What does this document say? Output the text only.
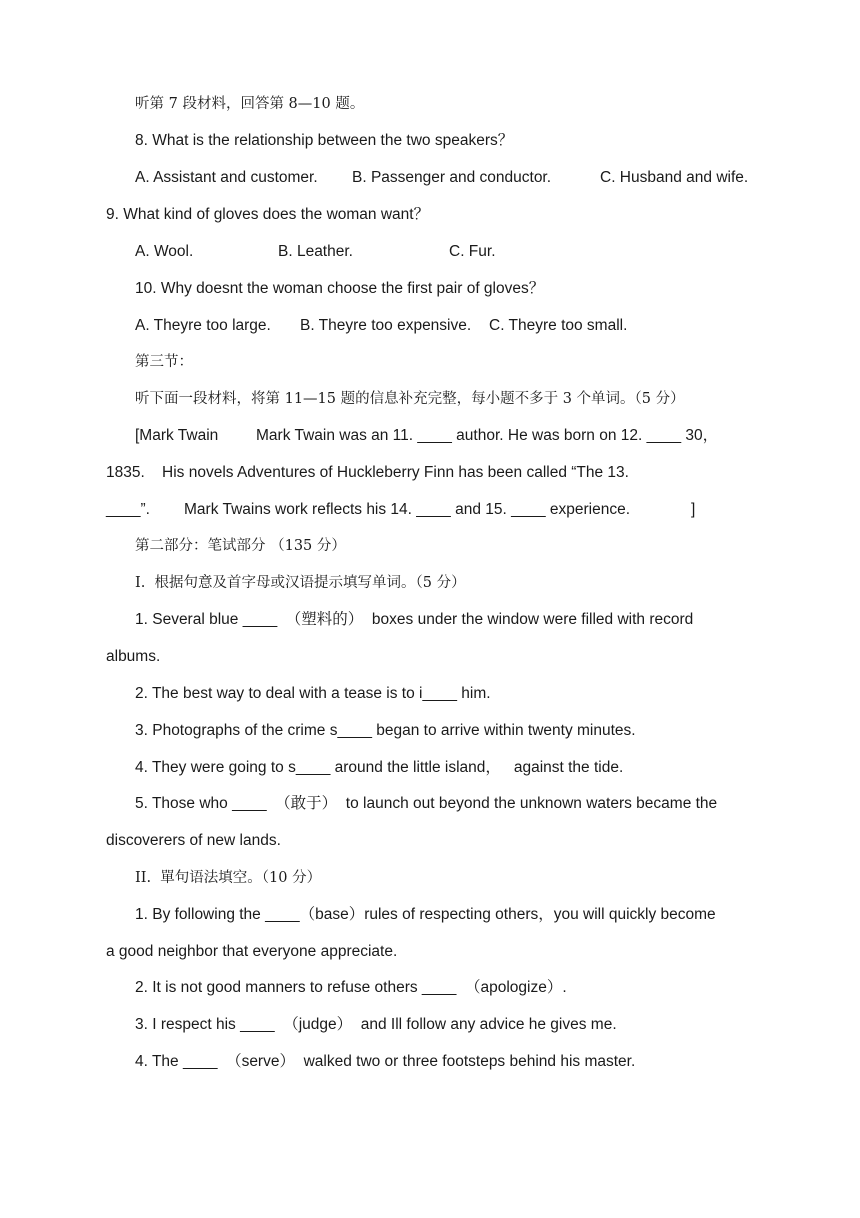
听第 7 段材料，回答第 8—10 题。

8. What is the relationship between the two speakers？

A. Assistant and customer.

B. Passenger and conductor.

	C. Husband and wife.

9. What kind of gloves does the woman want？

A. Wool.

	B. Leather.

	C. Fur.

10. Why doesnt the woman choose the first pair of gloves？

A. Theyre too large.

B. Theyre too expensive.

C. Theyre too small.

第三节：

听下面一段材料，将第 11—15 题的信息补充完整，每小题不多于 3 个单词。（5 分）

[Mark Twain

Mark Twain was an 11. ____ author. He was born on 12. ____ 30，

1835.    His novels Adventures of Huckleberry Finn has been called “The 13.

____”.

Mark Twains work reflects his 14. ____ and 15. ____ experience.

	]

第二部分：笔试部分 （135 分）

I.  根据句意及首字母或汉语提示填写单词。（5 分）

1. Several blue ____  （塑料的）  boxes under the window were filled with record

albums.

2. The best way to deal with a tease is to i____ him.

3. Photographs of the crime s____ began to arrive within twenty minutes.

4. They were going to s____ around the little island，   against the tide.

5. Those who ____  （敢于）  to launch out beyond the unknown waters became the

discoverers of new lands.

II.  單句语法填空。（10 分）

1. By following the ____（base）rules of respecting others，you will quickly become

a good neighbor that everyone appreciate.

2. It is not good manners to refuse others ____  （apologize）.

3. I respect his ____  （judge）  and Ill follow any advice he gives me.

4. The ____  （serve）  walked two or three footsteps behind his master.
